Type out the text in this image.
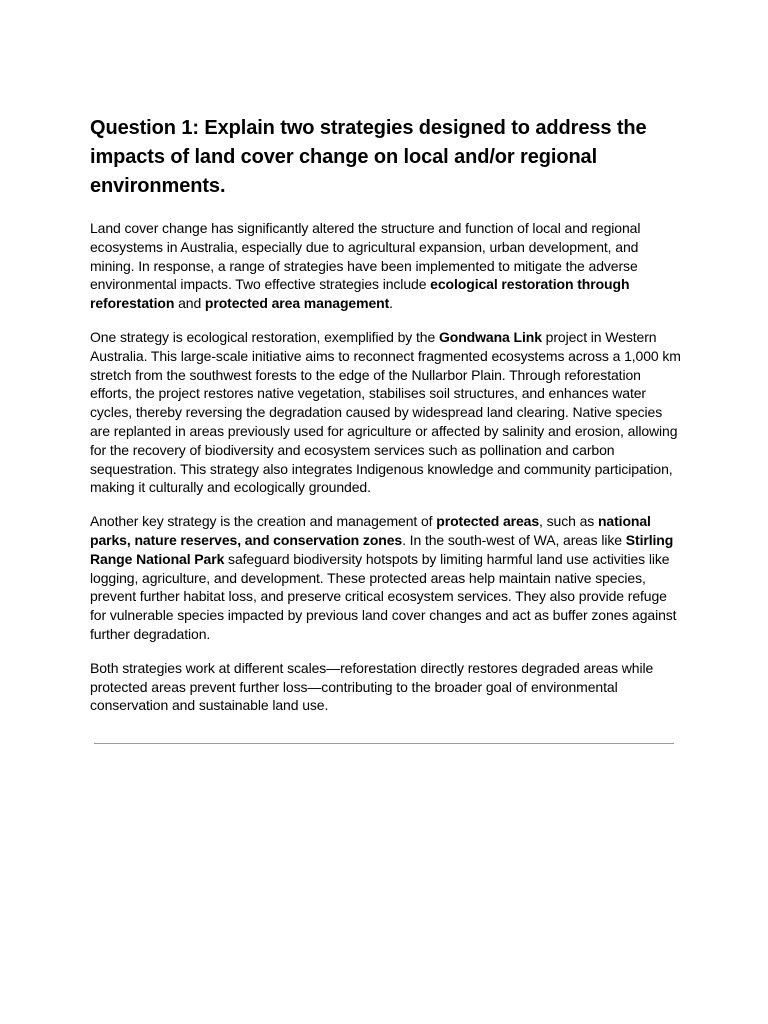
Question 1: Explain two strategies designed to address the impacts of land cover change on local and/or regional environments.

Land cover change has significantly altered the structure and function of local and regional ecosystems in Australia, especially due to agricultural expansion, urban development, and mining. In response, a range of strategies have been implemented to mitigate the adverse environmental impacts. Two effective strategies include ecological restoration through reforestation and protected area management.

One strategy is ecological restoration, exemplified by the Gondwana Link project in Western Australia. This large-scale initiative aims to reconnect fragmented ecosystems across a 1,000 km stretch from the southwest forests to the edge of the Nullarbor Plain. Through reforestation efforts, the project restores native vegetation, stabilises soil structures, and enhances water cycles, thereby reversing the degradation caused by widespread land clearing. Native species are replanted in areas previously used for agriculture or affected by salinity and erosion, allowing for the recovery of biodiversity and ecosystem services such as pollination and carbon sequestration. This strategy also integrates Indigenous knowledge and community participation, making it culturally and ecologically grounded.

Another key strategy is the creation and management of protected areas, such as national parks, nature reserves, and conservation zones. In the south-west of WA, areas like Stirling Range National Park safeguard biodiversity hotspots by limiting harmful land use activities like logging, agriculture, and development. These protected areas help maintain native species, prevent further habitat loss, and preserve critical ecosystem services. They also provide refuge for vulnerable species impacted by previous land cover changes and act as buffer zones against further degradation.

Both strategies work at different scales—reforestation directly restores degraded areas while protected areas prevent further loss—contributing to the broader goal of environmental conservation and sustainable land use.
